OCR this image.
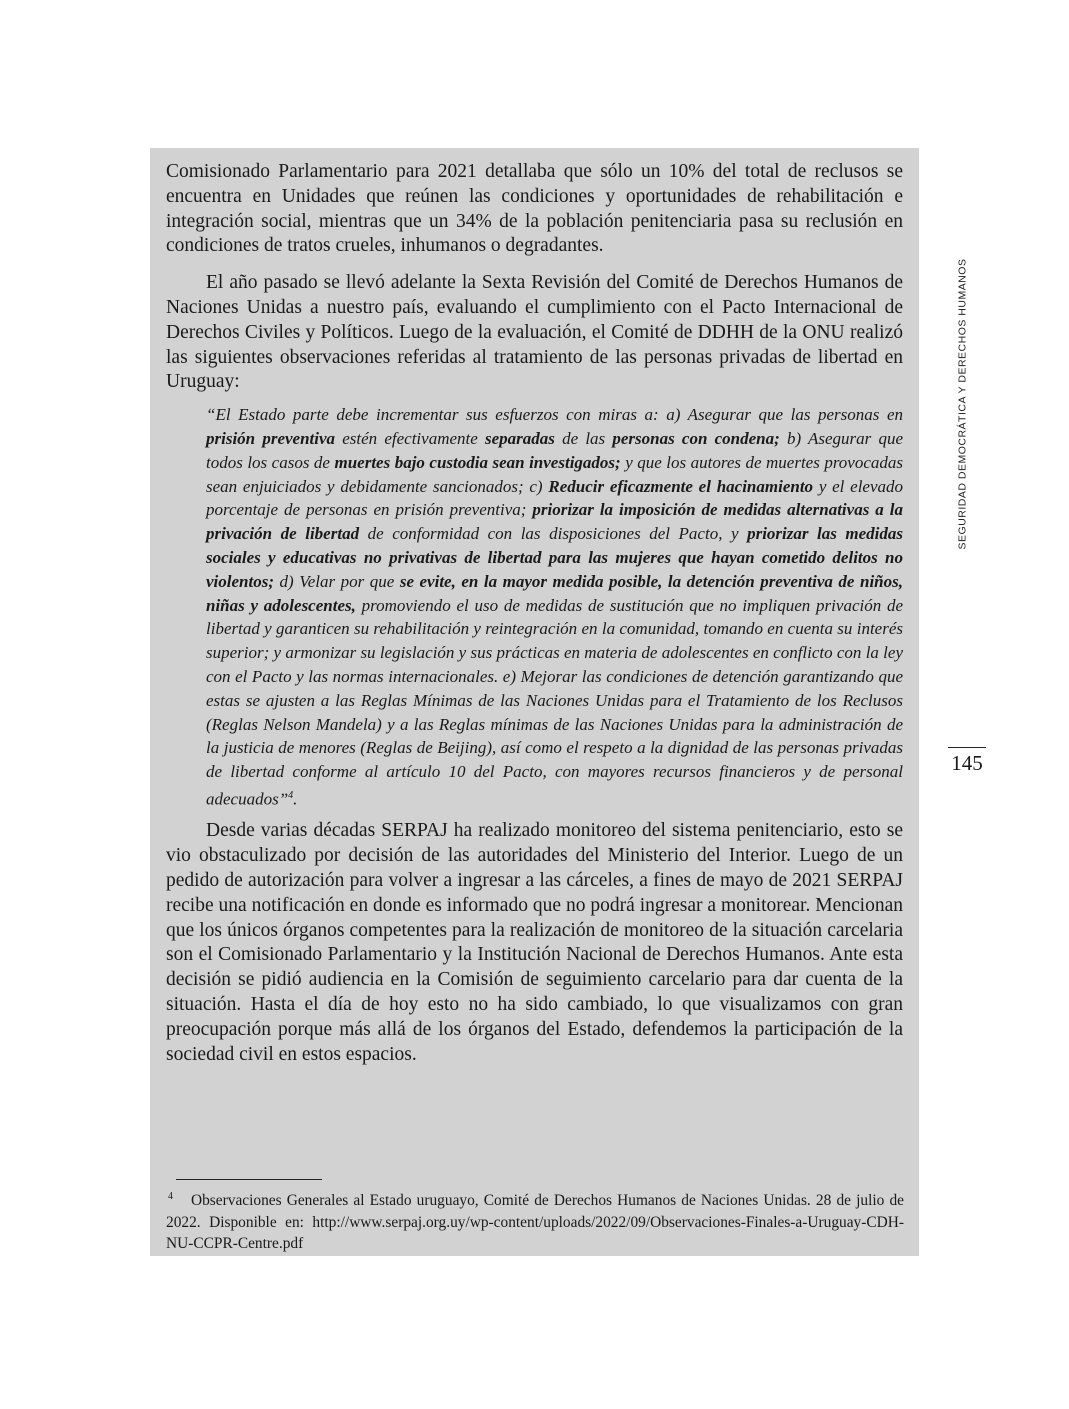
Comisionado Parlamentario para 2021 detallaba que sólo un 10% del total de reclusos se encuentra en Unidades que reúnen las condiciones y oportunidades de rehabilitación e integración social, mientras que un 34% de la población penitenciaria pasa su reclusión en condiciones de tratos crueles, inhumanos o degradantes.

El año pasado se llevó adelante la Sexta Revisión del Comité de Derechos Humanos de Naciones Unidas a nuestro país, evaluando el cumplimiento con el Pacto Internacional de Derechos Civiles y Políticos. Luego de la evaluación, el Comité de DDHH de la ONU realizó las siguientes observaciones referidas al tratamiento de las personas privadas de libertad en Uruguay:

“El Estado parte debe incrementar sus esfuerzos con miras a: a) Asegurar que las personas en prisión preventiva estén efectivamente separadas de las personas con condena; b) Asegurar que todos los casos de muertes bajo custodia sean investigados; y que los autores de muertes provocadas sean enjuiciados y debidamente sancionados; c) Reducir eficazmente el hacinamiento y el elevado porcentaje de personas en prisión preventiva; priorizar la imposición de medidas alternativas a la privación de libertad de conformidad con las disposiciones del Pacto, y priorizar las medidas sociales y educativas no privativas de libertad para las mujeres que hayan cometido delitos no violentos; d) Velar por que se evite, en la mayor medida posible, la detención preventiva de niños, niñas y adolescentes, promoviendo el uso de medidas de sustitución que no impliquen privación de libertad y garanticen su rehabilitación y reintegración en la comunidad, tomando en cuenta su interés superior; y armonizar su legislación y sus prácticas en materia de adolescentes en conflicto con la ley con el Pacto y las normas internacionales. e) Mejorar las condiciones de detención garantizando que estas se ajusten a las Reglas Mínimas de las Naciones Unidas para el Tratamiento de los Reclusos (Reglas Nelson Mandela) y a las Reglas mínimas de las Naciones Unidas para la administración de la justicia de menores (Reglas de Beijing), así como el respeto a la dignidad de las personas privadas de libertad conforme al artículo 10 del Pacto, con mayores recursos financieros y de personal adecuados”$^4$.

Desde varias décadas SERPAJ ha realizado monitoreo del sistema penitenciario, esto se vio obstaculizado por decisión de las autoridades del Ministerio del Interior. Luego de un pedido de autorización para volver a ingresar a las cárceles, a fines de mayo de 2021 SERPAJ recibe una notificación en donde es informado que no podrá ingresar a monitorear. Mencionan que los únicos órganos competentes para la realización de monitoreo de la situación carcelaria son el Comisionado Parlamentario y la Institución Nacional de Derechos Humanos. Ante esta decisión se pidió audiencia en la Comisión de seguimiento carcelario para dar cuenta de la situación. Hasta el día de hoy esto no ha sido cambiado, lo que visualizamos con gran preocupación porque más allá de los órganos del Estado, defendemos la participación de la sociedad civil en estos espacios.

$^4$ Observaciones Generales al Estado uruguayo, Comité de Derechos Humanos de Naciones Unidas. 28 de julio de 2022. Disponible en: http://www.serpaj.org.uy/wp-content/uploads/2022/09/Observaciones-Finales-a-Uruguay-CDH-NU-CCPR-Centre.pdf
SEGURIDAD DEMOCRÁTICA Y DERECHOS HUMANOS
145
